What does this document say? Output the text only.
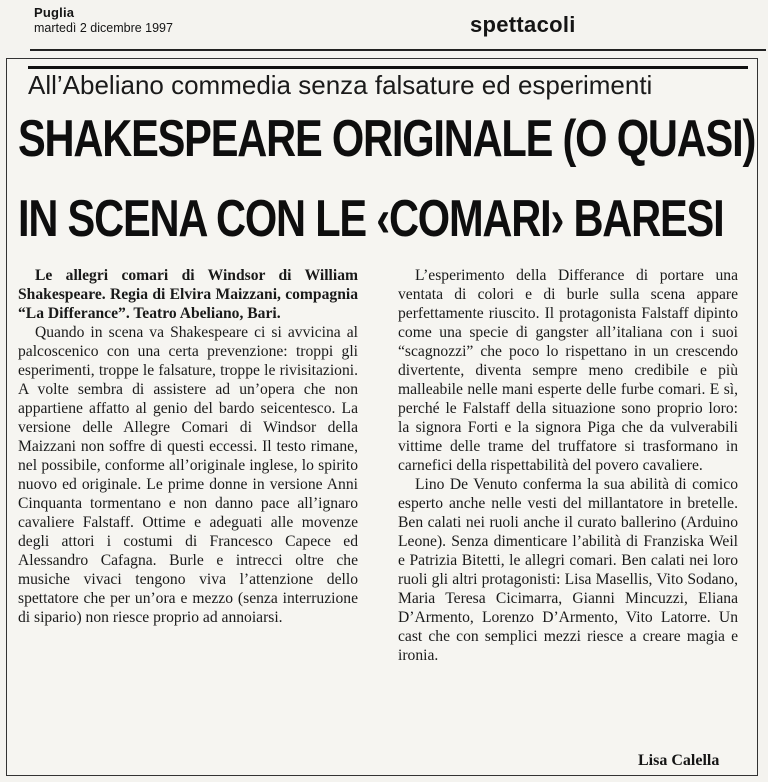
Puglia
martedì 2 dicembre 1997	spettacoli
All’Abeliano commedia senza falsature ed esperimenti
SHAKESPEARE ORIGINALE (O QUASI)
IN SCENA CON LE ‹COMARI› BARESI

Le allegri comari di Windsor di William Shakespeare. Regia di Elvira Maizzani, compagnia “La Differance”. Teatro Abeliano, Bari.

Quando in scena va Shakespeare ci si avvicina al palcoscenico con una certa prevenzione: troppi gli esperimenti, troppe le falsature, troppe le rivisitazioni. A volte sembra di assistere ad un’opera che non appartiene affatto al genio del bardo seicentesco. La versione delle Allegre Comari di Windsor della Maizzani non soffre di questi eccessi. Il testo rimane, nel possibile, conforme all’originale inglese, lo spirito nuovo ed originale. Le prime donne in versione Anni Cinquanta tormentano e non danno pace all’ignaro cavaliere Falstaff. Ottime e adeguati alle movenze degli attori i costumi di Francesco Capece ed Alessandro Cafagna. Burle e intrecci oltre che musiche vivaci tengono viva l’attenzione dello spettatore che per un’ora e mezzo (senza interruzione di sipario) non riesce proprio ad annoiarsi.

L’esperimento della Differance di portare una ventata di colori e di burle sulla scena appare perfettamente riuscito. Il protagonista Falstaff dipinto come una specie di gangster all’italiana con i suoi “scagnozzi” che poco lo rispettano in un crescendo divertente, diventa sempre meno credibile e più malleabile nelle mani esperte delle furbe comari. E sì, perché le Falstaff della situazione sono proprio loro: la signora Forti e la signora Piga che da vulverabili vittime delle trame del truffatore si trasformano in carnefici della rispettabilità del povero cavaliere.

Lino De Venuto conferma la sua abilità di comico esperto anche nelle vesti del millantatore in bretelle. Ben calati nei ruoli anche il curato ballerino (Arduino Leone). Senza dimenticare l’abilità di Franziska Weil e Patrizia Bitetti, le allegri comari. Ben calati nei loro ruoli gli altri protagonisti: Lisa Masellis, Vito Sodano, Maria Teresa Cicimarra, Gianni Mincuzzi, Eliana D’Armento, Lorenzo D’Armento, Vito Latorre. Un cast che con semplici mezzi riesce a creare magia e ironia.

Lisa Calella
